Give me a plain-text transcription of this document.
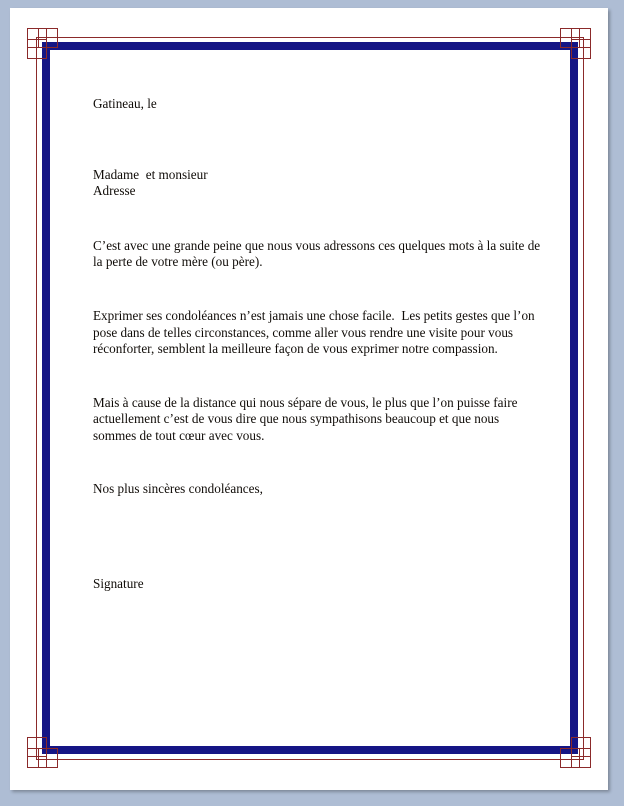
Gatineau, le

Madame  et monsieur

Adresse

C’est avec une grande peine que nous vous adressons ces quelques mots à la suite de la perte de votre mère (ou père).

Exprimer ses condoléances n’est jamais une chose facile.  Les petits gestes que l’on pose dans de telles circonstances, comme aller vous rendre une visite pour vous réconforter, semblent la meilleure façon de vous exprimer notre compassion.

Mais à cause de la distance qui nous sépare de vous, le plus que l’on puisse faire actuellement c’est de vous dire que nous sympathisons beaucoup et que nous sommes de tout cœur avec vous.

Nos plus sincères condoléances,

Signature
